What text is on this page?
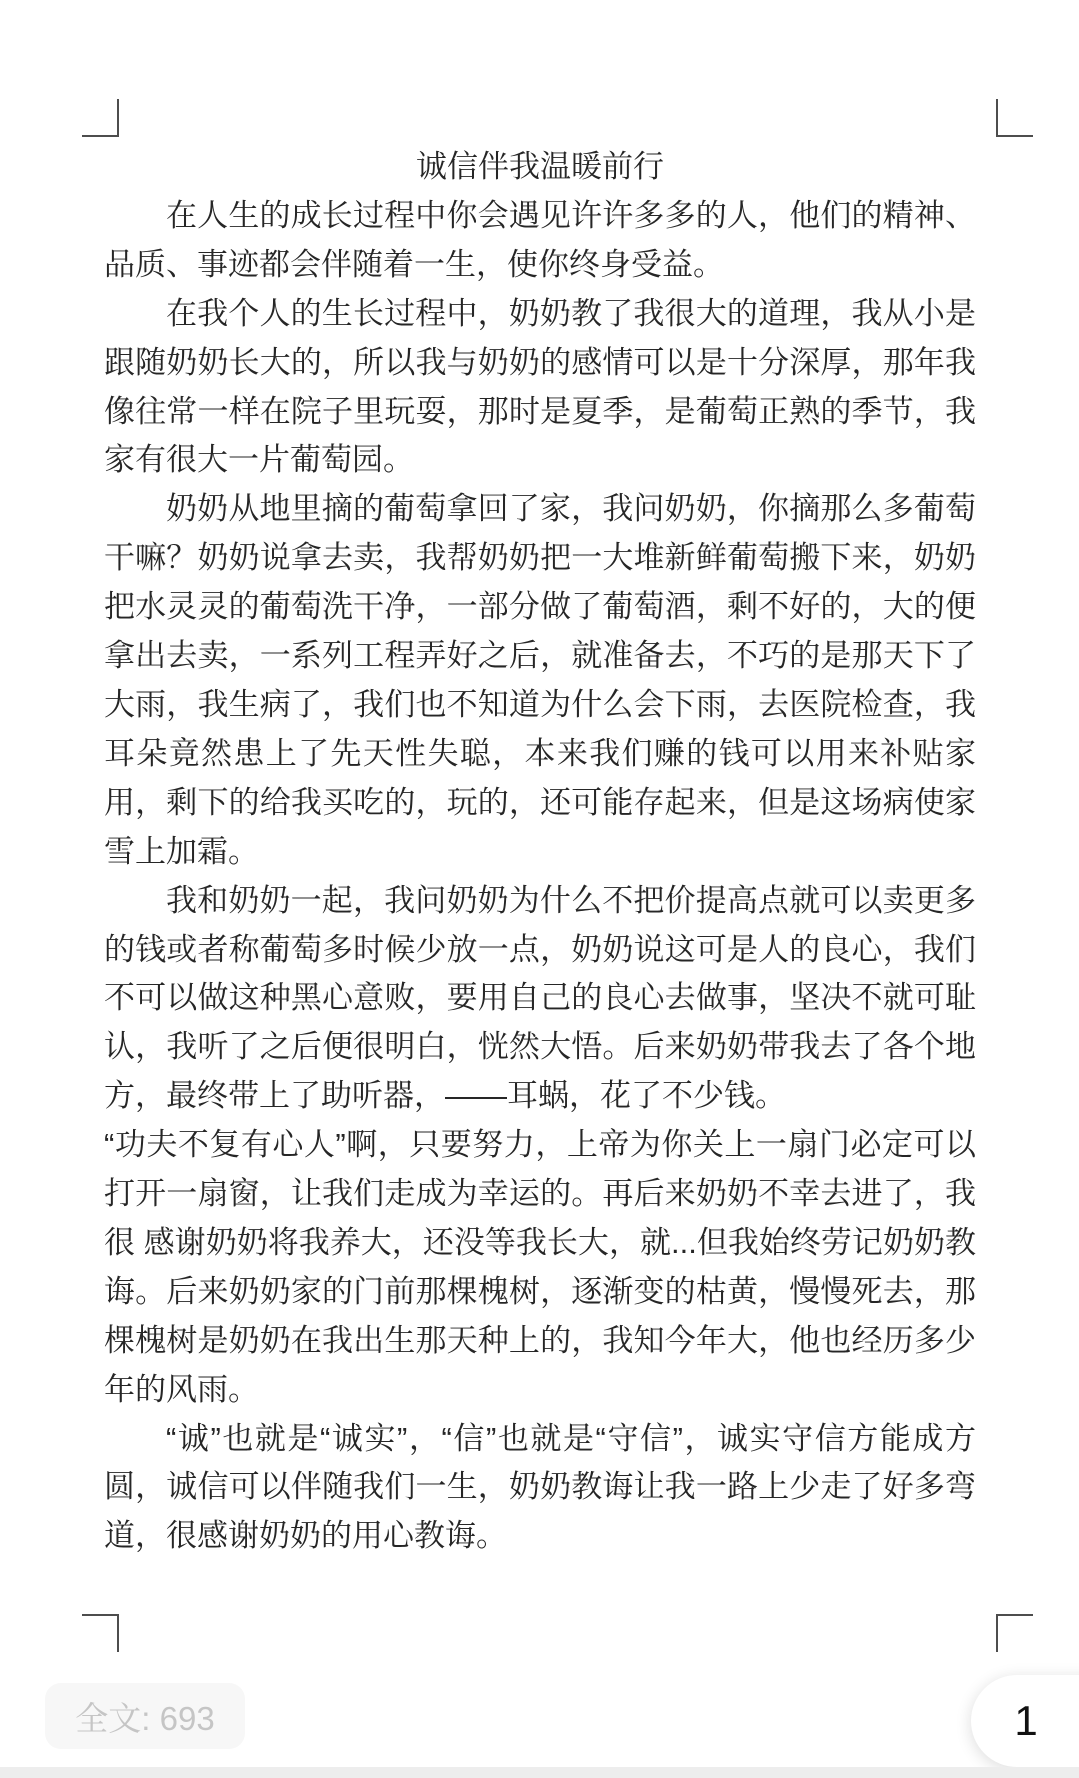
诚信伴我温暖前行

在人生的成长过程中你会遇见许许多多的人，他们的精神、品质、事迹都会伴随着一生，使你终身受益。

在我个人的生长过程中，奶奶教了我很大的道理，我从小是跟随奶奶长大的，所以我与奶奶的感情可以是十分深厚，那年我像往常一样在院子里玩耍，那时是夏季，是葡萄正熟的季节，我家有很大一片葡萄园。

奶奶从地里摘的葡萄拿回了家，我问奶奶，你摘那么多葡萄干嘛？奶奶说拿去卖，我帮奶奶把一大堆新鲜葡萄搬下来，奶奶把水灵灵的葡萄洗干净，一部分做了葡萄酒，剩不好的，大的便拿出去卖，一系列工程弄好之后，就准备去，不巧的是那天下了大雨，我生病了，我们也不知道为什么会下雨，去医院检查，我耳朵竟然患上了先天性失聪，本来我们赚的钱可以用来补贴家用，剩下的给我买吃的，玩的，还可能存起来，但是这场病使家雪上加霜。

我和奶奶一起，我问奶奶为什么不把价提高点就可以卖更多的钱或者称葡萄多时候少放一点，奶奶说这可是人的良心，我们不可以做这种黑心意败，要用自己的良心去做事，坚决不就可耻认，我听了之后便很明白，恍然大悟。后来奶奶带我去了各个地方，最终带上了助听器，——耳蜗，花了不少钱。

“功夫不复有心人”啊，只要努力，上帝为你关上一扇门必定可以打开一扇窗，让我们走成为幸运的。再后来奶奶不幸去进了，我很 感谢奶奶将我养大，还没等我长大，就...但我始终劳记奶奶教诲。后来奶奶家的门前那棵槐树，逐渐变的枯黄，慢慢死去，那棵槐树是奶奶在我出生那天种上的，我知今年大，他也经历多少年的风雨。

“诚”也就是“诚实”，“信”也就是“守信”，诚实守信方能成方圆，诚信可以伴随我们一生，奶奶教诲让我一路上少走了好多弯道，很感谢奶奶的用心教诲。

全文: 693	1
